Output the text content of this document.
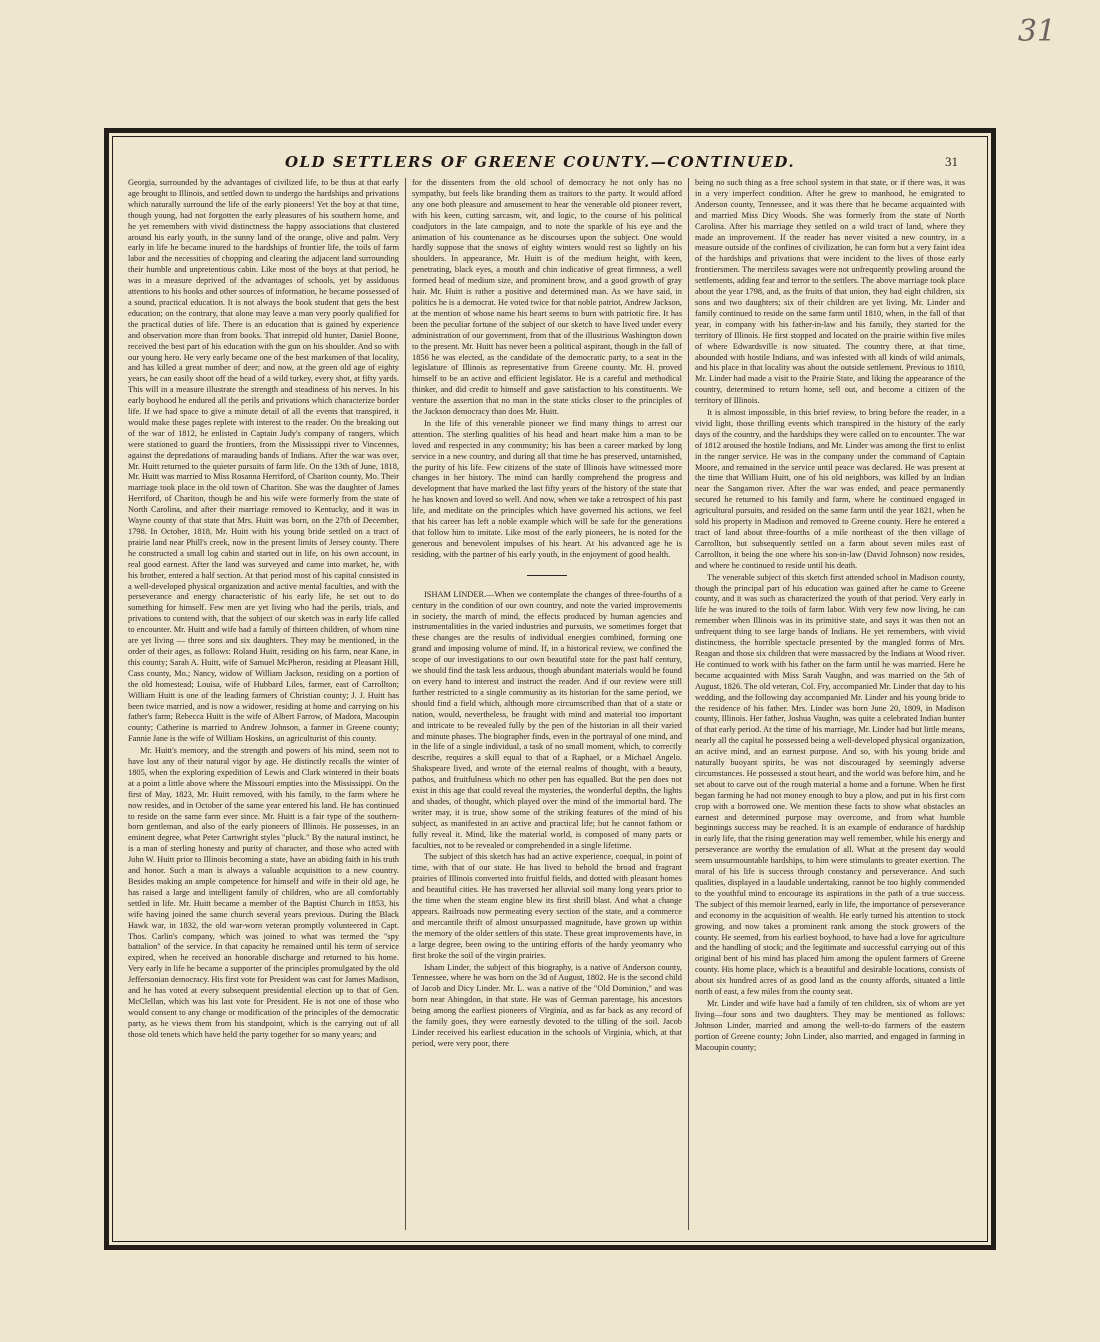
31
OLD SETTLERS OF GREENE COUNTY.—CONTINUED.	31

Georgia, surrounded by the advantages of civilized life, to be thus at that early age brought to Illinois, and settled down to undergo the hardships and privations which naturally surround the life of the early pioneers! Yet the boy at that time, though young, had not forgotten the early pleasures of his southern home, and he yet remembers with vivid distinctness the happy associations that clustered around his early youth, in the sunny land of the orange, olive and palm. Very early in life he became inured to the hardships of frontier life, the toils of farm labor and the necessities of chopping and clearing the adjacent land surrounding their humble and unpretentious cabin. Like most of the boys at that period, he was in a measure deprived of the advantages of schools, yet by assiduous attentions to his books and other sources of information, he became possessed of a sound, practical education. It is not always the book student that gets the best education; on the contrary, that alone may leave a man very poorly qualified for the practical duties of life. There is an education that is gained by experience and observation more than from books. That intrepid old hunter, Daniel Boone, received the best part of his education with the gun on his shoulder. And so with our young hero. He very early became one of the best marksmen of that locality, and has killed a great number of deer; and now, at the green old age of eighty years, he can easily shoot off the head of a wild turkey, every shot, at fifty yards. This will in a measure illustrate the strength and steadiness of his nerves. In his early boyhood he endured all the perils and privations which characterize border life. If we had space to give a minute detail of all the events that transpired, it would make these pages replete with interest to the reader. On the breaking out of the war of 1812, he enlisted in Captain Judy's company of rangers, which were stationed to guard the frontiers, from the Mississippi river to Vincennes, against the depredations of marauding bands of Indians. After the war was over, Mr. Huitt returned to the quieter pursuits of farm life. On the 13th of June, 1818, Mr. Huitt was married to Miss Rosanna Herriford, of Chariton county, Mo. Their marriage took place in the old town of Chariton. She was the daughter of James Herriford, of Chariton, though he and his wife were formerly from the state of North Carolina, and after their marriage removed to Kentucky, and it was in Wayne county of that state that Mrs. Huitt was born, on the 27th of December, 1798. In October, 1818, Mr. Huitt with his young bride settled on a tract of prairie land near Phill's creek, now in the present limits of Jersey county. There he constructed a small log cabin and started out in life, on his own account, in real good earnest. After the land was surveyed and came into market, he, with his brother, entered a half section. At that period most of his capital consisted in a well-developed physical organization and active mental faculties, and with the perseverance and energy characteristic of his early life, he set out to do something for himself. Few men are yet living who had the perils, trials, and privations to contend with, that the subject of our sketch was in early life called to encounter. Mr. Huitt and wife had a family of thirteen children, of whom nine are yet living — three sons and six daughters. They may be mentioned, in the order of their ages, as follows: Roland Huitt, residing on his farm, near Kane, in this county; Sarah A. Huitt, wife of Samuel McPheron, residing at Pleasant Hill, Cass county, Mo.; Nancy, widow of William Jackson, residing on a portion of the old homestead; Louisa, wife of Hubbard Liles, farmer, east of Carrollton; William Huitt is one of the leading farmers of Christian county; J. J. Huitt has been twice married, and is now a widower, residing at home and carrying on his father's farm; Rebecca Huitt is the wife of Albert Farrow, of Madora, Macoupin county; Catherine is married to Andrew Johnson, a farmer in Greene county; Fannie Jane is the wife of William Hoskins, an agriculturist of this county.

Mr. Huitt's memory, and the strength and powers of his mind, seem not to have lost any of their natural vigor by age. He distinctly recalls the winter of 1805, when the exploring expedition of Lewis and Clark wintered in their boats at a point a little above where the Missouri empties into the Mississippi. On the first of May, 1823, Mr. Huitt removed, with his family, to the farm where he now resides, and in October of the same year entered his land. He has continued to reside on the same farm ever since. Mr. Huitt is a fair type of the southern-born gentleman, and also of the early pioneers of Illinois. He possesses, in an eminent degree, what Peter Cartwright styles "pluck." By the natural instinct, he is a man of sterling honesty and purity of character, and those who acted with John W. Huitt prior to Illinois becoming a state, have an abiding faith in his truth and honor. Such a man is always a valuable acquisition to a new country. Besides making an ample competence for himself and wife in their old age, he has raised a large and intelligent family of children, who are all comfortably settled in life. Mr. Huitt became a member of the Baptist Church in 1853, his wife having joined the same church several years previous. During the Black Hawk war, in 1832, the old war-worn veteran promptly volunteered in Capt. Thos. Carlin's company, which was joined to what was termed the "spy battalion" of the service. In that capacity he remained until his term of service expired, when he received an honorable discharge and returned to his home. Very early in life he became a supporter of the principles promulgated by the old Jeffersonian democracy. His first vote for President was cast for James Madison, and he has voted at every subsequent presidential election up to that of Gen. McClellan, which was his last vote for President. He is not one of those who would consent to any change or modification of the principles of the democratic party, as he views them from his standpoint, which is the carrying out of all those old tenets which have held the party together for so many years; and

for the dissenters from the old school of democracy he not only has no sympathy, but feels like branding them as traitors to the party. It would afford any one both pleasure and amusement to hear the venerable old pioneer revert, with his keen, cutting sarcasm, wit, and logic, to the course of his political coadjutors in the late campaign, and to note the sparkle of his eye and the animation of his countenance as he discourses upon the subject. One would hardly suppose that the snows of eighty winters would rest so lightly on his shoulders. In appearance, Mr. Huitt is of the medium height, with keen, penetrating, black eyes, a mouth and chin indicative of great firmness, a well formed head of medium size, and prominent brow, and a good growth of gray hair. Mr. Huitt is rather a positive and determined man. As we have said, in politics he is a democrat. He voted twice for that noble patriot, Andrew Jackson, at the mention of whose name his heart seems to burn with patriotic fire. It has been the peculiar fortune of the subject of our sketch to have lived under every administration of our government, from that of the illustrious Washington down to the present. Mr. Huitt has never been a political aspirant, though in the fall of 1856 he was elected, as the candidate of the democratic party, to a seat in the legislature of Illinois as representative from Greene county. Mr. H. proved himself to be an active and efficient legislator. He is a careful and methodical thinker, and did credit to himself and gave satisfaction to his constituents. We venture the assertion that no man in the state sticks closer to the principles of the Jackson democracy than does Mr. Huitt.

In the life of this venerable pioneer we find many things to arrest our attention. The sterling qualities of his head and heart make him a man to be loved and respected in any community; his has been a career marked by long service in a new country, and during all that time he has preserved, untarnished, the purity of his life. Few citizens of the state of Illinois have witnessed more changes in her history. The mind can hardly comprehend the progress and development that have marked the last fifty years of the history of the state that he has known and loved so well. And now, when we take a retrospect of his past life, and meditate on the principles which have governed his actions, we feel that his career has left a noble example which will be safe for the generations that follow him to imitate. Like most of the early pioneers, he is noted for the generous and benevolent impulses of his heart. At his advanced age he is residing, with the partner of his early youth, in the enjoyment of good health.

ISHAM LINDER.—When we contemplate the changes of three-fourths of a century in the condition of our own country, and note the varied improvements in society, the march of mind, the effects produced by human agencies and instrumentalities in the varied industries and pursuits, we sometimes forget that these changes are the results of individual energies combined, forming one grand and imposing volume of mind. If, in a historical review, we confined the scope of our investigations to our own beautiful state for the past half century, we should find the task less arduous, though abundant materials would be found on every hand to interest and instruct the reader. And if our review were still further restricted to a single community as its historian for the same period, we should find a field which, although more circumscribed than that of a state or nation, would, nevertheless, be fraught with mind and material too important and intricate to be revealed fully by the pen of the historian in all their varied and minute phases. The biographer finds, even in the portrayal of one mind, and in the life of a single individual, a task of no small moment, which, to correctly describe, requires a skill equal to that of a Raphael, or a Michael Angelo. Shakspeare lived, and wrote of the eternal realms of thought, with a beauty, pathos, and fruitfulness which no other pen has equalled. But the pen does not exist in this age that could reveal the mysteries, the wonderful depths, the lights and shades, of thought, which played over the mind of the immortal bard. The writer may, it is true, show some of the striking features of the mind of his subject, as manifested in an active and practical life; but he cannot fathom or fully reveal it. Mind, like the material world, is composed of many parts or faculties, not to be revealed or comprehended in a single lifetime.

The subject of this sketch has had an active experience, coequal, in point of time, with that of our state. He has lived to behold the broad and fragrant prairies of Illinois converted into fruitful fields, and dotted with pleasant homes and beautiful cities. He has traversed her alluvial soil many long years prior to the time when the steam engine blew its first shrill blast. And what a change appears. Railroads now permeating every section of the state, and a commerce and mercantile thrift of almost unsurpassed magnitude, have grown up within the memory of the older settlers of this state. These great improvements have, in a large degree, been owing to the untiring efforts of the hardy yeomanry who first broke the soil of the virgin prairies.

Isham Linder, the subject of this biography, is a native of Anderson county, Tennessee, where he was born on the 3d of August, 1802. He is the second child of Jacob and Dicy Linder. Mr. L. was a native of the "Old Dominion," and was born near Abingdon, in that state. He was of German parentage, his ancestors being among the earliest pioneers of Virginia, and as far back as any record of the family goes, they were earnestly devoted to the tilling of the soil. Jacob Linder received his earliest education in the schools of Virginia, which, at that period, were very poor, there

being no such thing as a free school system in that state, or if there was, it was in a very imperfect condition. After he grew to manhood, he emigrated to Anderson county, Tennessee, and it was there that he became acquainted with and married Miss Dicy Woods. She was formerly from the state of North Carolina. After his marriage they settled on a wild tract of land, where they made an improvement. If the reader has never visited a new country, in a measure outside of the confines of civilization, he can form but a very faint idea of the hardships and privations that were incident to the lives of those early frontiersmen. The merciless savages were not unfrequently prowling around the settlements, adding fear and terror to the settlers. The above marriage took place about the year 1798, and, as the fruits of that union, they had eight children, six sons and two daughters; six of their children are yet living. Mr. Linder and family continued to reside on the same farm until 1810, when, in the fall of that year, in company with his father-in-law and his family, they started for the territory of Illinois. He first stopped and located on the prairie within five miles of where Edwardsville is now situated. The country there, at that time, abounded with hostile Indians, and was infested with all kinds of wild animals, and his place in that locality was about the outside settlement. Previous to 1810, Mr. Linder had made a visit to the Prairie State, and liking the appearance of the country, determined to return home, sell out, and become a citizen of the territory of Illinois.

It is almost impossible, in this brief review, to bring before the reader, in a vivid light, those thrilling events which transpired in the history of the early days of the country, and the hardships they were called on to encounter. The war of 1812 aroused the hostile Indians, and Mr. Linder was among the first to enlist in the ranger service. He was in the company under the command of Captain Moore, and remained in the service until peace was declared. He was present at the time that William Huitt, one of his old neighbors, was killed by an Indian near the Sangamon river. After the war was ended, and peace permanently secured he returned to his family and farm, where he continued engaged in agricultural pursuits, and resided on the same farm until the year 1821, when he sold his property in Madison and removed to Greene county. Here he entered a tract of land about three-fourths of a mile northeast of the then village of Carrollton, but subsequently settled on a farm about seven miles east of Carrollton, it being the one where his son-in-law (David Johnson) now resides, and where he continued to reside until his death.

The venerable subject of this sketch first attended school in Madison county, though the principal part of his education was gained after he came to Greene county, and it was such as characterized the youth of that period. Very early in life he was inured to the toils of farm labor. With very few now living, he can remember when Illinois was in its primitive state, and says it was then not an unfrequent thing to see large bands of Indians. He yet remembers, with vivid distinctness, the horrible spectacle presented by the mangled forms of Mrs. Reagan and those six children that were massacred by the Indians at Wood river. He continued to work with his father on the farm until he was married. Here he became acquainted with Miss Sarah Vaughn, and was married on the 5th of August, 1826. The old veteran, Col. Fry, accompanied Mr. Linder that day to his wedding, and the following day accompanied Mr. Linder and his young bride to the residence of his father. Mrs. Linder was born June 20, 1809, in Madison county, Illinois. Her father, Joshua Vaughn, was quite a celebrated Indian hunter of that early period. At the time of his marriage, Mr. Linder had but little means, nearly all the capital he possessed being a well-developed physical organization, an active mind, and an earnest purpose. And so, with his young bride and naturally buoyant spirits, he was not discouraged by seemingly adverse circumstances. He possessed a stout heart, and the world was before him, and he set about to carve out of the rough material a home and a fortune. When he first began farming he had not money enough to buy a plow, and put in his first corn crop with a borrowed one. We mention these facts to show what obstacles an earnest and determined purpose may overcome, and from what humble beginnings success may be reached. It is an example of endurance of hardship in early life, that the rising generation may well remember, while his energy and perseverance are worthy the emulation of all. What at the present day would seem unsurmountable hardships, to him were stimulants to greater exertion. The moral of his life is success through constancy and perseverance. And such qualities, displayed in a laudable undertaking, cannot be too highly commended to the youthful mind to encourage its aspirations in the path of a true success. The subject of this memoir learned, early in life, the importance of perseverance and economy in the acquisition of wealth. He early turned his attention to stock growing, and now takes a prominent rank among the stock growers of the county. He seemed, from his earliest boyhood, to have had a love for agriculture and the handling of stock; and the legitimate and successful carrying out of this original bent of his mind has placed him among the opulent farmers of Greene county. His home place, which is a beautiful and desirable locations, consists of about six hundred acres of as good land as the county affords, situated a little north of east, a few miles from the county seat.

Mr. Linder and wife have had a family of ten children, six of whom are yet living—four sons and two daughters. They may be mentioned as follows: Johnson Linder, married and among the well-to-do farmers of the eastern portion of Greene county; John Linder, also married, and engaged in farming in Macoupin county;
